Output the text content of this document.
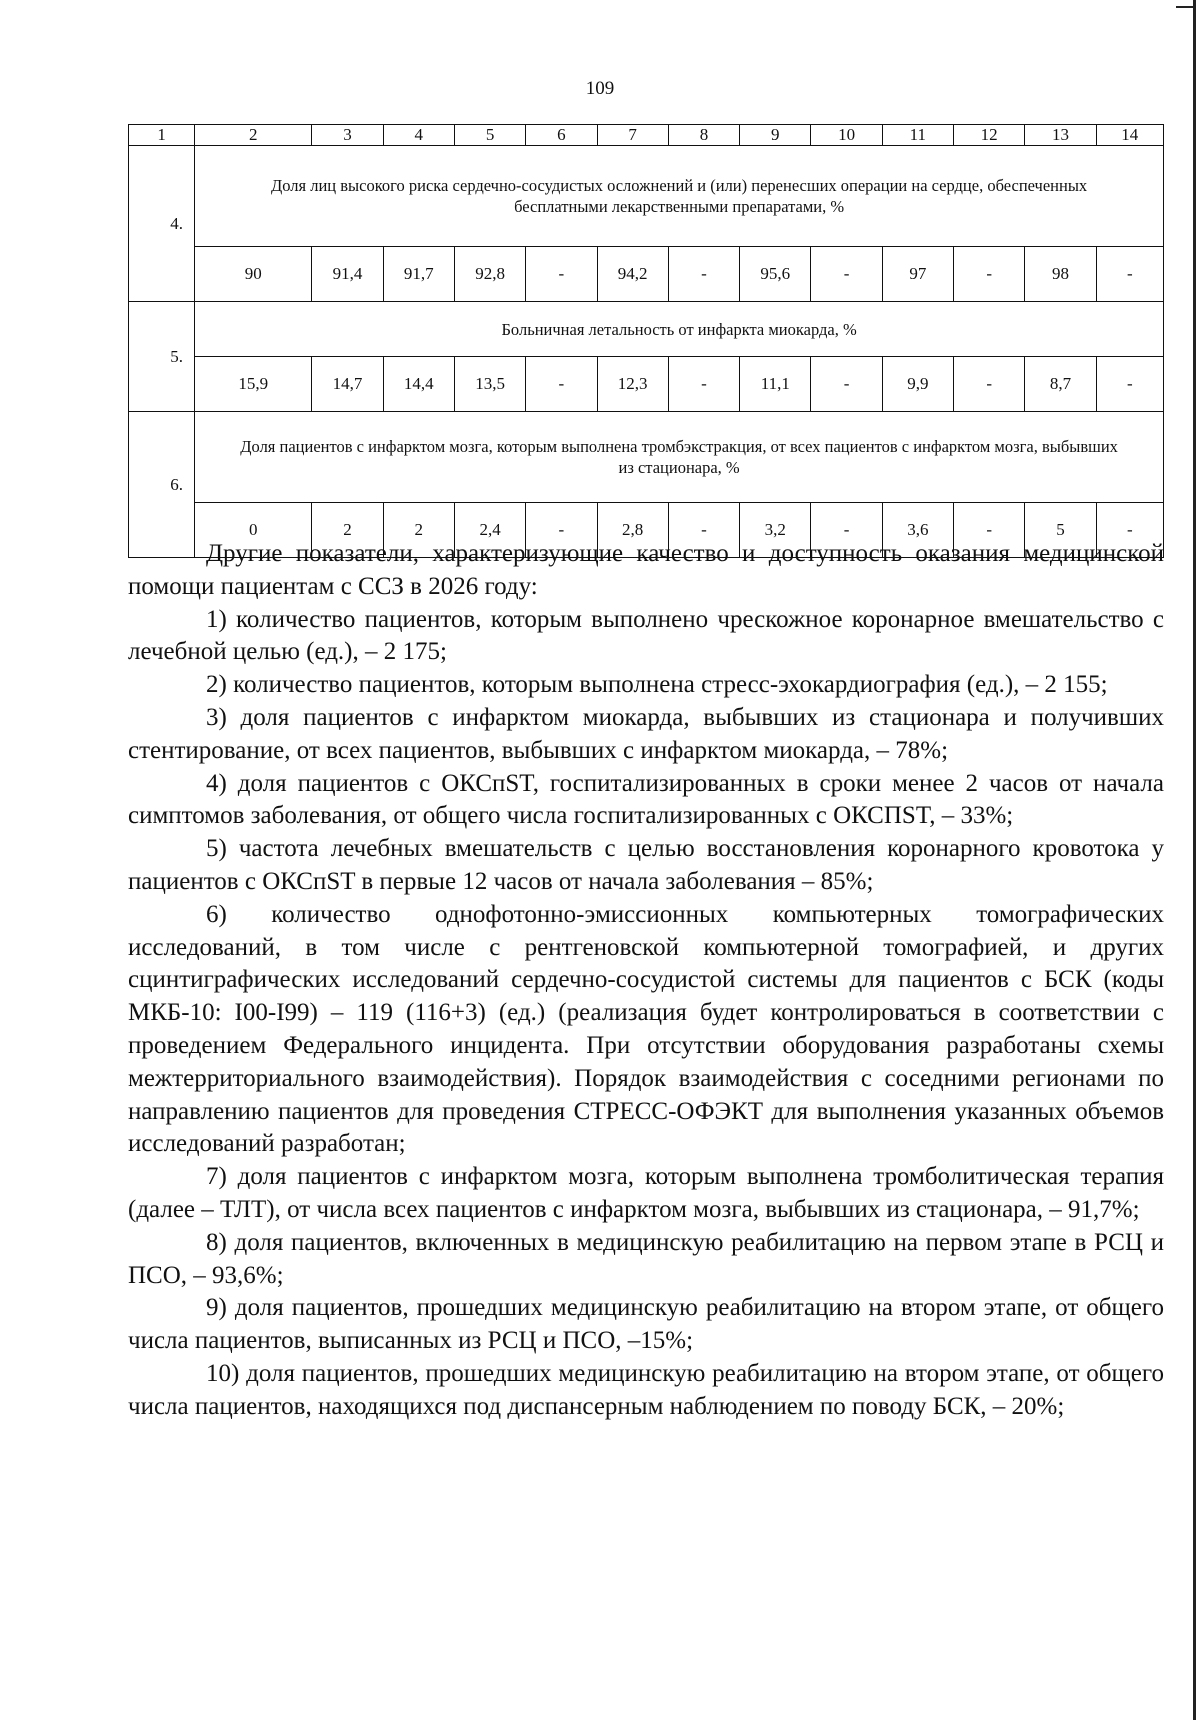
109
1	2	3	4	5	6	7	8	9	10	11	12	13	14
4.	Доля лиц высокого риска сердечно-сосудистых осложнений и (или) перенесших операции на сердце, обеспеченных бесплатными лекарственными препаратами, %												
	90	91,4	91,7	92,8	-	94,2	-	95,6	-	97	-	98	-
5.	Больничная летальность от инфаркта миокарда, %												
	15,9	14,7	14,4	13,5	-	12,3	-	11,1	-	9,9	-	8,7	-
6.	Доля пациентов с инфарктом мозга, которым выполнена тромбэкстракция, от всех пациентов с инфарктом мозга, выбывших из стационара, %												
	0	2	2	2,4	-	2,8	-	3,2	-	3,6	-	5	-

Другие показатели, характеризующие качество и доступность оказания медицинской помощи пациентам с ССЗ в 2026 году:

1) количество пациентов, которым выполнено чрескожное коронарное вмешательство с лечебной целью (ед.), – 2 175;

2) количество пациентов, которым выполнена стресс-эхокардиография (ед.), – 2 155;

3) доля пациентов с инфарктом миокарда, выбывших из стационара и получивших стентирование, от всех пациентов, выбывших с инфарктом миокарда, – 78%;

4) доля пациентов с ОКСпST, госпитализированных в сроки менее 2 часов от начала симптомов заболевания, от общего числа госпитализированных с ОКСПST, – 33%;

5) частота лечебных вмешательств с целью восстановления коронарного кровотока у пациентов с ОКСпST в первые 12 часов от начала заболевания – 85%;

6) количество однофотонно-эмиссионных компьютерных томографических исследований, в том числе с рентгеновской компьютерной томографией, и других сцинтиграфических исследований сердечно-сосудистой системы для пациентов с БСК (коды МКБ-10: I00-I99) – 119 (116+3) (ед.) (реализация будет контролироваться в соответствии с проведением Федерального инцидента. При отсутствии оборудования разработаны схемы межтерриториального взаимодействия). Порядок взаимодействия с соседними регионами по направлению пациентов для проведения СТРЕСС-ОФЭКТ для выполнения указанных объемов исследований разработан;

7) доля пациентов с инфарктом мозга, которым выполнена тромболитическая терапия (далее – ТЛТ), от числа всех пациентов с инфарктом мозга, выбывших из стационара, – 91,7%;

8) доля пациентов, включенных в медицинскую реабилитацию на первом этапе в РСЦ и ПСО, – 93,6%;

9) доля пациентов, прошедших медицинскую реабилитацию на втором этапе, от общего числа пациентов, выписанных из РСЦ и ПСО, –15%;

10) доля пациентов, прошедших медицинскую реабилитацию на втором этапе, от общего числа пациентов, находящихся под диспансерным наблюдением по поводу БСК, – 20%;
